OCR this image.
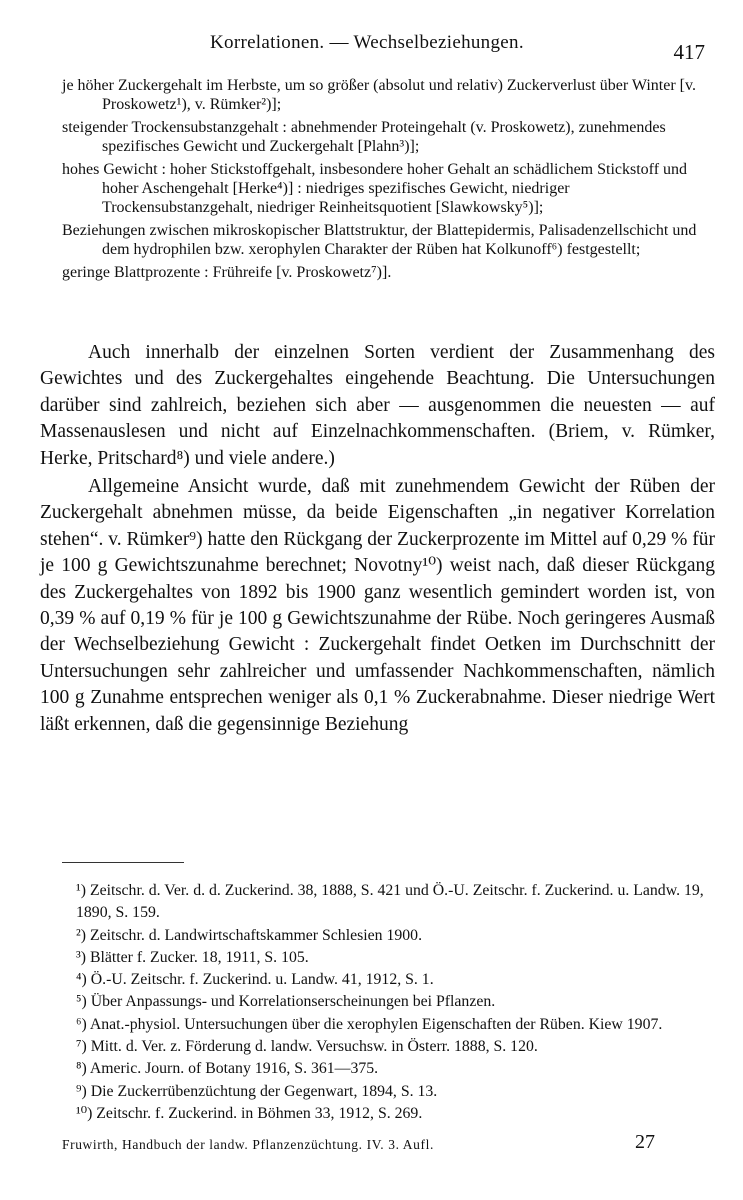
Korrelationen. — Wechselbeziehungen.	417
je höher Zuckergehalt im Herbste, um so größer (absolut und relativ) Zuckerverlust über Winter [v. Proskowetz¹), v. Rümker²)];
steigender Trockensubstanzgehalt : abnehmender Proteingehalt (v. Proskowetz), zunehmendes spezifisches Gewicht und Zuckergehalt [Plahn³)];
hohes Gewicht : hoher Stickstoffgehalt, insbesondere hoher Gehalt an schädlichem Stickstoff und hoher Aschengehalt [Herke⁴)] : niedriges spezifisches Gewicht, niedriger Trockensubstanzgehalt, niedriger Reinheitsquotient [Slawkowsky⁵)];
Beziehungen zwischen mikroskopischer Blattstruktur, der Blattepidermis, Palisadenzellschicht und dem hydrophilen bzw. xerophylen Charakter der Rüben hat Kolkunoff⁶) festgestellt;
geringe Blattprozente : Frühreife [v. Proskowetz⁷)].

Auch innerhalb der einzelnen Sorten verdient der Zusammenhang des Gewichtes und des Zuckergehaltes eingehende Beachtung. Die Untersuchungen darüber sind zahlreich, beziehen sich aber — ausgenommen die neuesten — auf Massenauslesen und nicht auf Einzelnachkommenschaften. (Briem, v. Rümker, Herke, Pritschard⁸) und viele andere.)

Allgemeine Ansicht wurde, daß mit zunehmendem Gewicht der Rüben der Zuckergehalt abnehmen müsse, da beide Eigenschaften „in negativer Korrelation stehen“. v. Rümker⁹) hatte den Rückgang der Zuckerprozente im Mittel auf 0,29 % für je 100 g Gewichtszunahme berechnet; Novotny¹⁰) weist nach, daß dieser Rückgang des Zuckergehaltes von 1892 bis 1900 ganz wesentlich gemindert worden ist, von 0,39 % auf 0,19 % für je 100 g Gewichtszunahme der Rübe. Noch geringeres Ausmaß der Wechselbeziehung Gewicht : Zuckergehalt findet Oetken im Durchschnitt der Untersuchungen sehr zahlreicher und umfassender Nachkommenschaften, nämlich 100 g Zunahme entsprechen weniger als 0,1 % Zuckerabnahme. Dieser niedrige Wert läßt erkennen, daß die gegensinnige Beziehung

¹) Zeitschr. d. Ver. d. d. Zuckerind. 38, 1888, S. 421 und Ö.-U. Zeitschr. f. Zuckerind. u. Landw. 19, 1890, S. 159.
²) Zeitschr. d. Landwirtschaftskammer Schlesien 1900.
³) Blätter f. Zucker. 18, 1911, S. 105.
⁴) Ö.-U. Zeitschr. f. Zuckerind. u. Landw. 41, 1912, S. 1.
⁵) Über Anpassungs- und Korrelationserscheinungen bei Pflanzen.
⁶) Anat.-physiol. Untersuchungen über die xerophylen Eigenschaften der Rüben. Kiew 1907.
⁷) Mitt. d. Ver. z. Förderung d. landw. Versuchsw. in Österr. 1888, S. 120.
⁸) Americ. Journ. of Botany 1916, S. 361—375.
⁹) Die Zuckerrübenzüchtung der Gegenwart, 1894, S. 13.
¹⁰) Zeitschr. f. Zuckerind. in Böhmen 33, 1912, S. 269.
Fruwirth, Handbuch der landw. Pflanzenzüchtung. IV. 3. Aufl.	27
